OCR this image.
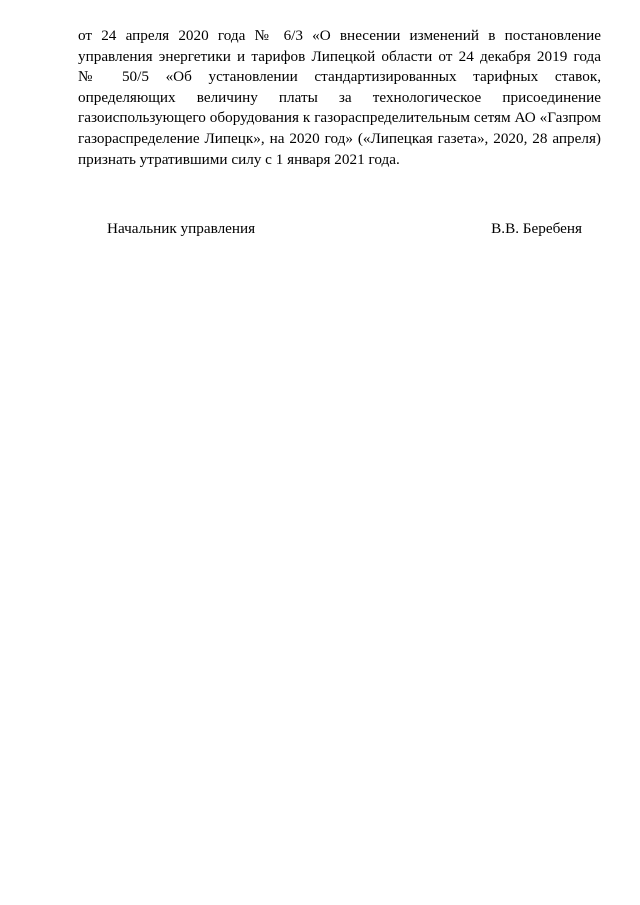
от 24 апреля 2020 года № 6/3 «О внесении изменений в постановление
управления энергетики и тарифов Липецкой области от 24 декабря 2019 года
№ 50/5 «Об установлении стандартизированных тарифных ставок,
определяющих величину платы за технологическое присоединение
газоиспользующего оборудования к газораспределительным сетям АО «Газпром
газораспределение Липецк», на 2020 год» («Липецкая газета», 2020, 28 апреля)
признать утратившими силу с 1 января 2021 года.

Начальник управления	В.В. Беребеня
